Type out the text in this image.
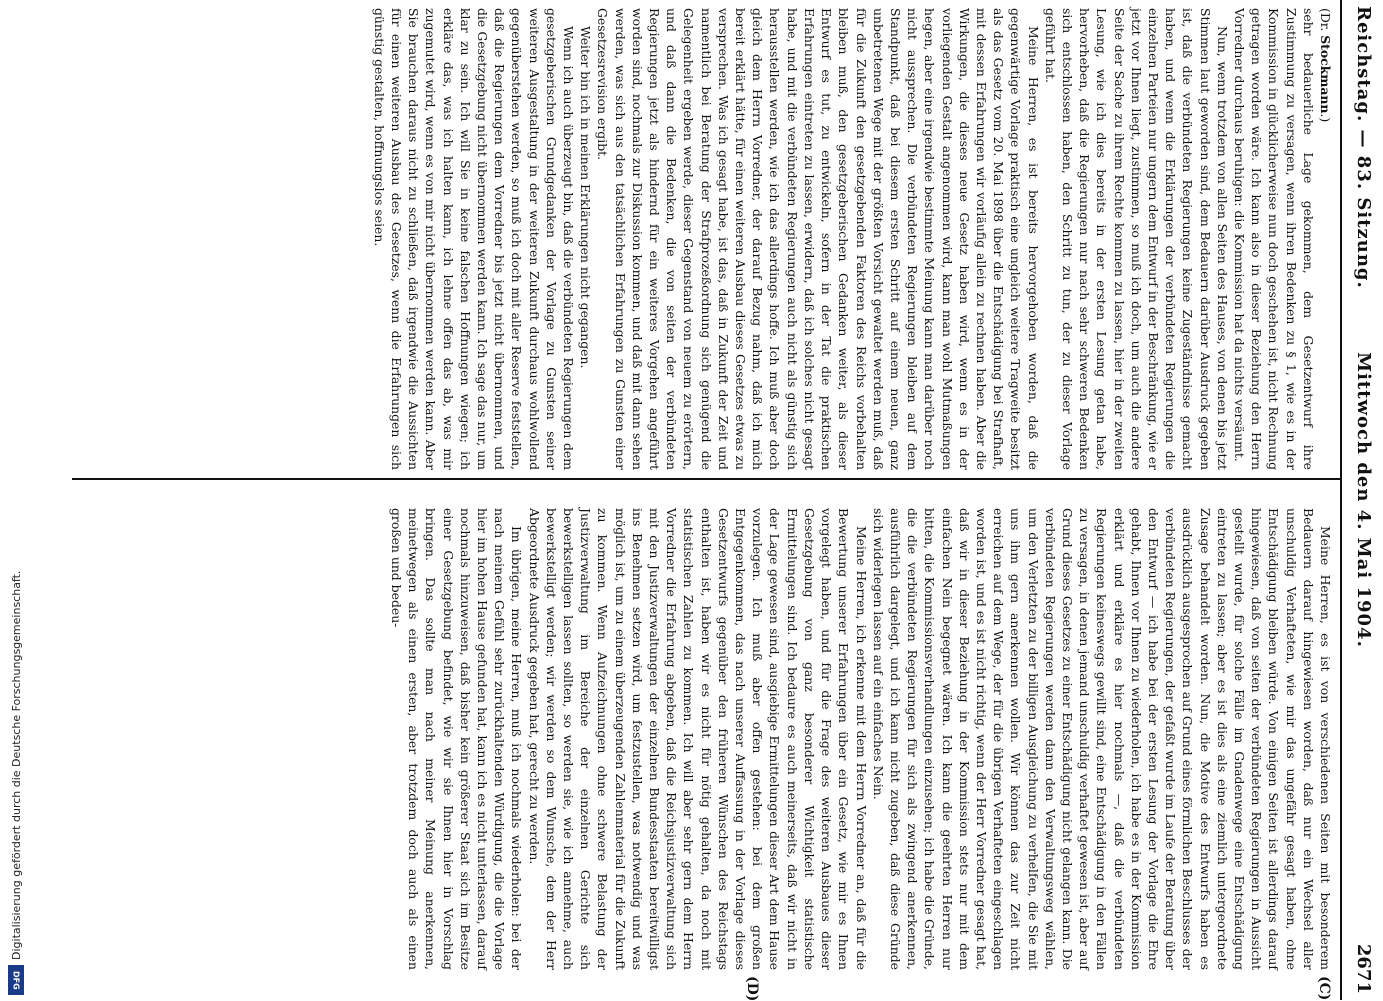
Digitalisierung gefördert durch die Deutsche Forschungsgemeinschaft.
DFG
Reichstag. — 83. Sitzung.
Mittwoch den 4. Mai 1904.
2671
(C)
(D)

(Dr. Stockmann.)

sehr bedauerliche Lage gekommen, dem Gesetzentwurf ihre Zustimmung zu versagen, wenn ihren Bedenken zu § 1, wie es in der Kommission in glücklicherweise nun doch geschehen ist, nicht Rechnung getragen worden wäre. Ich kann also in dieser Beziehung den Herrn Vorredner durchaus beruhigen: die Kommission hat da nichts versäumt.

Nun, wenn trotzdem von allen Seiten des Hauses, von denen bis jetzt Stimmen laut geworden sind, dem Bedauern darüber Ausdruck gegeben ist, daß die verbündeten Regierungen keine Zugeständnisse gemacht haben, und wenn die Erklärungen der verbündeten Regierungen die einzelnen Parteien nur ungern dem Entwurf in der Beschränkung, wie er jetzt vor Ihnen liegt, zustimmen, so muß ich doch, um auch die andere Seite der Sache zu ihrem Rechte kommen zu lassen, hier in der zweiten Lesung, wie ich dies bereits in der ersten Lesung getan habe, hervorheben, daß die Regierungen nur nach sehr schweren Bedenken sich entschlossen haben, den Schritt zu tun, der zu dieser Vorlage geführt hat.

Meine Herren, es ist bereits hervorgehoben worden, daß die gegenwärtige Vorlage praktisch eine ungleich weitere Tragweite besitzt als das Gesetz vom 20. Mai 1898 über die Entschädigung bei Strafhaft, mit dessen Erfahrungen wir vorläufig allein zu rechnen haben. Aber die Wirkungen, die dieses neue Gesetz haben wird, wenn es in der vorliegenden Gestalt angenommen wird, kann man wohl Mutmaßungen hegen, aber eine irgendwie bestimmte Meinung kann man darüber noch nicht aussprechen. Die verbündeten Regierungen bleiben auf dem Standpunkt, daß bei diesem ersten Schritt auf einem neuen, ganz unbetretenen Wege mit der größten Vorsicht gewaltet werden muß, daß für die Zukunft den gesetzgebenden Faktoren des Reichs vorbehalten bleiben muß, den gesetzgeberischen Gedanken weiter, als dieser Entwurf es tut, zu entwickeln, sofern in der Tat die praktischen Erfahrungen eintreten zu lassen, erwidern, daß ich solches nicht gesagt habe, und mit die verbündeten Regierungen auch nicht als günstig sich herausstellen werden, wie ich das allerdings hoffe. Ich muß aber doch gleich dem Herrn Vorredner, der darauf Bezug nahm, daß ich mich bereit erklärt hätte, für einen weiteren Ausbau dieses Gesetzes etwas zu versprechen. Was ich gesagt habe, ist das, daß in Zukunft der Zeit und namentlich bei Beratung der Strafprozeßordnung sich genügend die Gelegenheit ergeben werde, dieser Gegenstand von neuem zu erörtern, und daß dann die Bedenken, die von seiten der verbündeten Regierungen jetzt als hindernd für ein weiteres Vorgehen angeführt worden sind, nochmals zur Diskussion kommen, und daß mit dann sehen werden, was sich aus den tatsächlichen Erfahrungen zu Gunsten einer Gesetzesrevision ergibt.

Weiter bin ich in meinen Erklärungen nicht gegangen.

Wenn ich auch überzeugt bin, daß die verbündeten Regierungen dem gesetzgeberischen Grundgedanken der Vorlage zu Gunsten seiner weiteren Ausgestaltung in der weiteren Zukunft durchaus wohlwollend gegenüberstehen werden, so muß ich doch mit aller Reserve feststellen, daß die Regierungen dem Vorredner bis jetzt nicht übernommen, und die Gesetzgebung nicht übernommen werden kann. Ich sage das nur, um klar zu sein. Ich will Sie in keine falschen Hoffnungen wiegen; ich erkläre das, was ich halten kann, ich lehne offen das ab, was mir zugemutet wird, wenn es von mir nicht übernommen werden kann. Aber Sie brauchen daraus nicht zu schließen, daß irgendwie die Aussichten für einen weiteren Ausbau des Gesetzes, wenn die Erfahrungen sich günstig gestalten, hoffnungslos seien.

Meine Herren, es ist von verschiedenen Seiten mit besonderem Bedauern darauf hingewiesen worden, daß nur ein Wechsel aller unschuldig Verhafteten, wie mir das ungefähr gesagt haben, ohne Entschädigung bleiben würde. Von einigen Seiten ist allerdings darauf hingewiesen, daß von seiten der verbündeten Regierungen in Aussicht gestellt wurde, für solche Fälle im Gnadenwege eine Entschädigung eintreten zu lassen; aber es ist dies als eine ziemlich untergeordnete Zusage behandelt worden. Nun, die Motive des Entwurfs haben es ausdrücklich ausgesprochen auf Grund eines förmlichen Beschlusses der verbündeten Regierungen, der gefaßt wurde im Laufe der Beratung über den Entwurf — ich habe bei der ersten Lesung der Vorlage die Ehre gehabt, Ihnen vor Ihnen zu wiederholen, ich habe es in der Kommission erklärt und erkläre es hier nochmals —, daß die verbündeten Regierungen keineswegs gewillt sind, eine Entschädigung in den Fällen zu versagen, in denen jemand unschuldig verhaftet gewesen ist, aber auf Grund dieses Gesetzes zu einer Entschädigung nicht gelangen kann. Die verbündeten Regierungen werden dann den Verwaltungsweg wählen, um den Verletzten zu der billigen Ausgleichung zu verhelfen, die Sie mit uns ihm gern anerkennen wollen. Wir können das zur Zeit nicht erreichen auf dem Wege, der für die übrigen Verhafteten eingeschlagen worden ist, und es ist nicht richtig, wenn der Herr Vorredner gesagt hat, daß wir in dieser Beziehung in der Kommission stets nur mit dem einfachen Nein begegnet wären. Ich kann die geehrten Herren nur bitten, die Kommissionsverhandlungen einzusehen; ich habe die Gründe, die die verbündeten Regierungen für sich als zwingend anerkennen, ausführlich dargelegt, und ich kann nicht zugeben, daß diese Gründe sich widerlegen lassen auf ein einfaches Nein.

Meine Herren, ich erkenne mit dem Herrn Vorredner an, daß für die Bewertung unserer Erfahrungen über ein Gesetz, wie mir es Ihnen vorgelegt haben, und für die Frage des weiteren Ausbaues dieser Gesetzgebung von ganz besonderer Wichtigkeit statistische Ermittelungen sind. Ich bedaure es auch meinerseits, daß wir nicht in der Lage gewesen sind, ausgiebige Ermittelungen dieser Art dem Hause vorzulegen. Ich muß aber offen gestehen: bei dem großen Entgegenkommen, das nach unserer Auffassung in der Vorlage dieses Gesetzentwurfs gegenüber den früheren Wünschen des Reichstags enthalten ist, haben wir es nicht für nötig gehalten, da noch mit statistischen Zahlen zu kommen. Ich will aber sehr gern dem Herrn Vorredner die Erfahrung abgeben, daß die Reichsjustizverwaltung sich mit den Justizverwaltungen der einzelnen Bundesstaaten bereitwilligst ins Benehmen setzen wird, um festzustellen, was notwendig und was möglich ist, um zu einem überzeugenden Zahlenmaterial für die Zukunft zu kommen. Wenn Aufzeichnungen ohne schwere Belastung der Justizverwaltung im Bereiche der einzelnen Gerichte sich bewerkstelligen lassen sollten, so werden sie, wie ich annehme, auch bewerkstelligt werden; wir werden so dem Wunsche, dem der Herr Abgeordnete Ausdruck gegeben hat, gerecht zu werden.

Im übrigen, meine Herren, muß ich nochmals wiederholen: bei der nach meinem Gefühl sehr zurückhaltenden Würdigung, die die Vorlage hier im hohen Hause gefunden hat, kann ich es nicht unterlassen, darauf nochmals hinzuweisen, daß bisher kein größerer Staat sich im Besitze einer Gesetzgebung befindet, wie wir sie Ihnen hier in Vorschlag bringen. Das sollte man nach meiner Meinung anerkennen, meinetwegen als einen ersten, aber trotzdem doch auch als einen großen und bedeu-
